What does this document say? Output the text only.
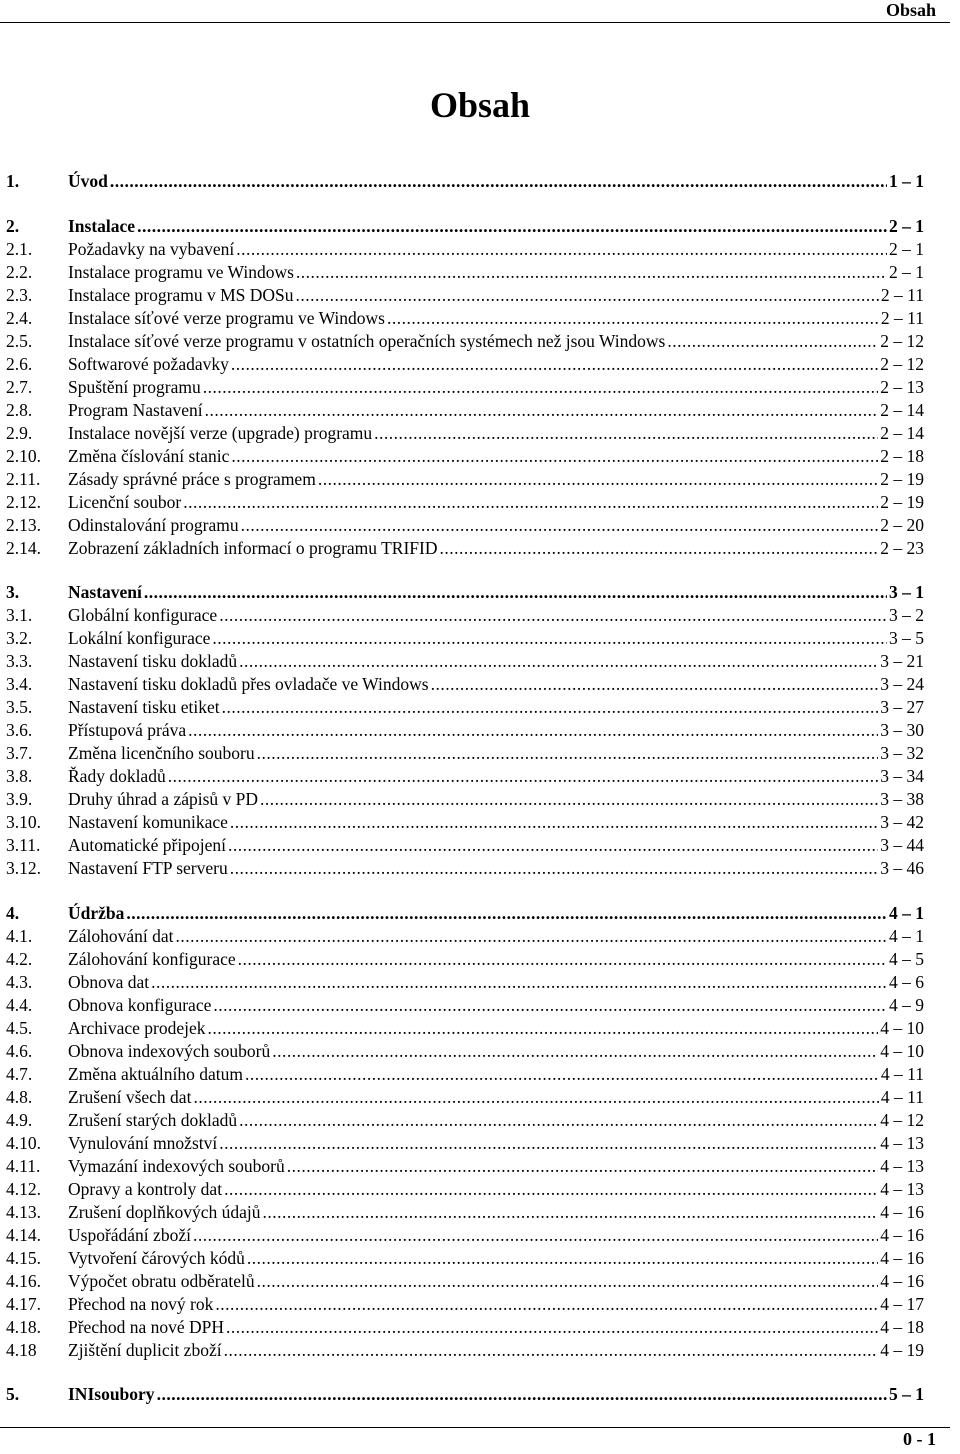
Obsah
Obsah
1.	Úvod .....	1 – 1
2.	Instalace .....	2 – 1
2.1.	Požadavky na vybavení .....	2 – 1
2.2.	Instalace programu ve Windows .....	2 – 1
2.3.	Instalace programu v MS DOSu .....	2 – 11
2.4.	Instalace síťové verze programu ve Windows .....	2 – 11
2.5.	Instalace síťové verze programu v ostatních operačních systémech než jsou Windows .....	2 – 12
2.6.	Softwarové požadavky .....	2 – 12
2.7.	Spuštění programu .....	2 – 13
2.8.	Program Nastavení .....	2 – 14
2.9.	Instalace novější verze (upgrade) programu .....	2 – 14
2.10.	Změna číslování stanic .....	2 – 18
2.11.	Zásady správné práce s programem .....	2 – 19
2.12.	Licenční soubor .....	2 – 19
2.13.	Odinstalování programu .....	2 – 20
2.14.	Zobrazení základních informací o programu TRIFID .....	2 – 23
3.	Nastavení .....	3 – 1
3.1.	Globální konfigurace .....	3 – 2
3.2.	Lokální konfigurace .....	3 – 5
3.3.	Nastavení tisku dokladů .....	3 – 21
3.4.	Nastavení tisku dokladů přes ovladače ve Windows .....	3 – 24
3.5.	Nastavení tisku etiket .....	3 – 27
3.6.	Přístupová práva .....	3 – 30
3.7.	Změna licenčního souboru .....	3 – 32
3.8.	Řady dokladů .....	3 – 34
3.9.	Druhy úhrad a zápisů v PD .....	3 – 38
3.10.	Nastavení komunikace .....	3 – 42
3.11.	Automatické připojení .....	3 – 44
3.12.	Nastavení FTP serveru .....	3 – 46
4.	Údržba .....	4 – 1
4.1.	Zálohování dat .....	4 – 1
4.2.	Zálohování konfigurace .....	4 – 5
4.3.	Obnova dat .....	4 – 6
4.4.	Obnova konfigurace .....	4 – 9
4.5.	Archivace prodejek .....	4 – 10
4.6.	Obnova indexových souborů .....	4 – 10
4.7.	Změna aktuálního datum .....	4 – 11
4.8.	Zrušení všech dat .....	4 – 11
4.9.	Zrušení starých dokladů .....	4 – 12
4.10.	Vynulování množství .....	4 – 13
4.11.	Vymazání indexových souborů .....	4 – 13
4.12.	Opravy a kontroly dat .....	4 – 13
4.13.	Zrušení doplňkových údajů .....	4 – 16
4.14.	Uspořádání zboží .....	4 – 16
4.15.	Vytvoření čárových kódů .....	4 – 16
4.16.	Výpočet obratu odběratelů .....	4 – 16
4.17.	Přechod na nový rok .....	4 – 17
4.18.	Přechod na nové DPH .....	4 – 18
4.18	Zjištění duplicit zboží .....	4 – 19
5.	INIsoubory .....	5 – 1
0 - 1
